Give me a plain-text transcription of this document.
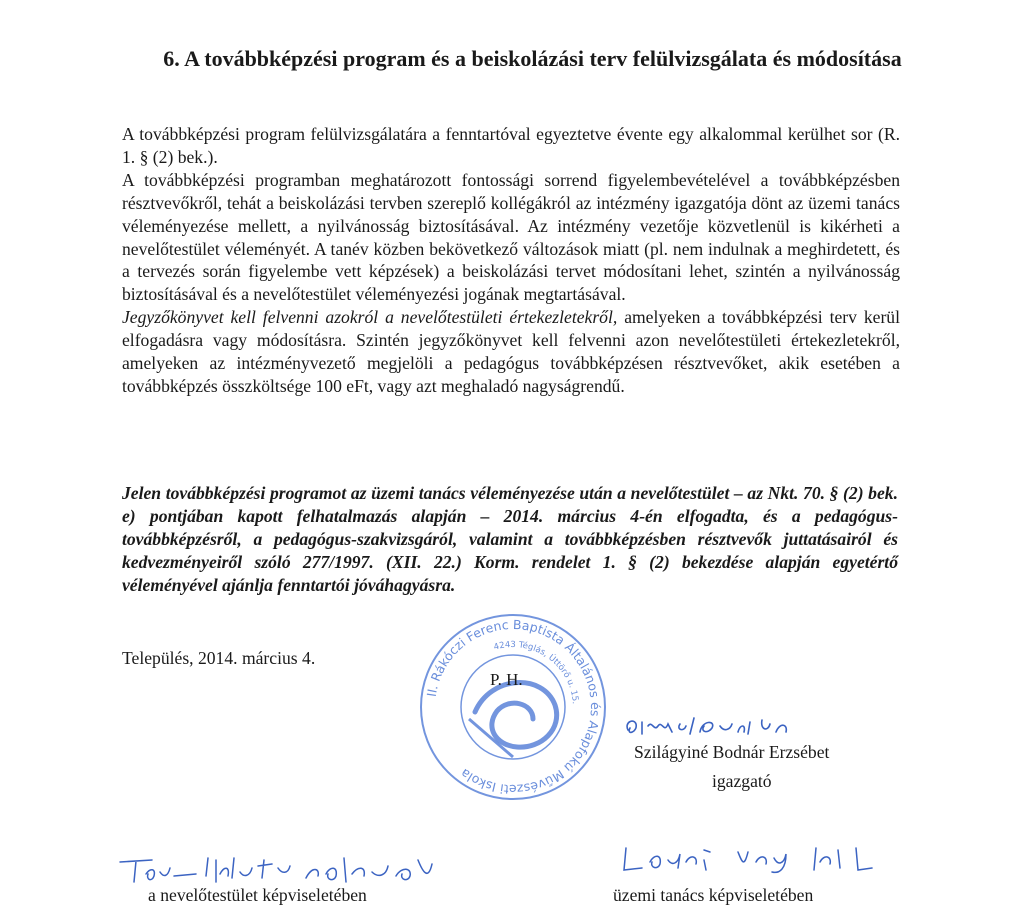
6. A továbbképzési program és a beiskolázási terv felülvizsgálata és módosítása

A továbbképzési program felülvizsgálatára a fenntartóval egyeztetve évente egy alkalommal kerülhet sor (R. 1. § (2) bek.).

A továbbképzési programban meghatározott fontossági sorrend figyelembevételével a továbbképzésben résztvevőkről, tehát a beiskolázási tervben szereplő kollégákról az intézmény igazgatója dönt az üzemi tanács véleményezése mellett, a nyilvánosság biztosításával. Az intézmény vezetője közvetlenül is kikérheti a nevelőtestület véleményét. A tanév közben bekövetkező változások miatt (pl. nem indulnak a meghirdetett, és a tervezés során figyelembe vett képzések) a beiskolázási tervet módosítani lehet, szintén a nyilvánosság biztosításával és a nevelőtestület véleményezési jogának megtartásával.

Jegyzőkönyvet kell felvenni azokról a nevelőtestületi értekezletekről, amelyeken a továbbképzési terv kerül elfogadásra vagy módosításra. Szintén jegyzőkönyvet kell felvenni azon nevelőtestületi értekezletekről, amelyeken az intézményvezető megjelöli a pedagógus továbbképzésen résztvevőket, akik esetében a továbbképzés összköltsége 100 eFt, vagy azt meghaladó nagyságrendű.

Jelen továbbképzési programot az üzemi tanács véleményezése után a nevelőtestület – az Nkt. 70. § (2) bek. e) pontjában kapott felhatalmazás alapján – 2014. március 4-én elfogadta, és a pedagógus-továbbképzésről, a pedagógus-szakvizsgáról, valamint a továbbképzésben résztvevők juttatásairól és kedvezményeiről szóló 277/1997. (XII. 22.) Korm. rendelet 1. § (2) bekezdése alapján egyetértő véleményével ajánlja fenntartói jóváhagyásra.

Település, 2014. március 4.

II. Rákóczi Ferenc Baptista Általános és Alapfokú Művészeti Iskola
4243 Téglás, Úttörő u. 15.

P. H.

Szilágyiné Bodnár Erzsébet

igazgató

a nevelőtestület képviseletében	üzemi tanács képviseletében
